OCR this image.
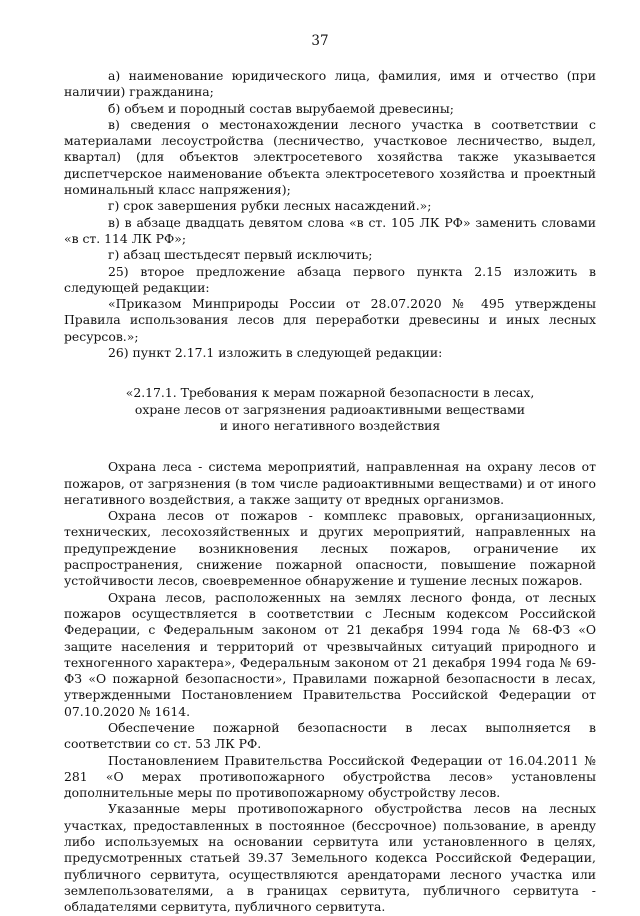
37

а) наименование юридического лица, фамилия, имя и отчество (при наличии) гражданина;

б) объем и породный состав вырубаемой древесины;

в) сведения о местонахождении лесного участка в соответствии с материалами лесоустройства (лесничество, участковое лесничество, выдел, квартал) (для объектов электросетевого хозяйства также указывается диспетчерское наименование объекта электросетевого хозяйства и проектный номинальный класс напряжения);

г) срок завершения рубки лесных насаждений.»;

в) в абзаце двадцать девятом слова «в ст. 105 ЛК РФ» заменить словами «в ст. 114 ЛК РФ»;

г) абзац шестьдесят первый исключить;

25) второе предложение абзаца первого пункта 2.15 изложить в следующей редакции:

«Приказом Минприроды России от 28.07.2020 № 495 утверждены Правила использования лесов для переработки древесины и иных лесных ресурсов.»;

26) пункт 2.17.1 изложить в следующей редакции:

«2.17.1. Требования к мерам пожарной безопасности в лесах,
охране лесов от загрязнения радиоактивными веществами
и иного негативного воздействия

Охрана леса - система мероприятий, направленная на охрану лесов от пожаров, от загрязнения (в том числе радиоактивными веществами) и от иного негативного воздействия, а также защиту от вредных организмов.

Охрана лесов от пожаров - комплекс правовых, организационных, технических, лесохозяйственных и других мероприятий, направленных на предупреждение возникновения лесных пожаров, ограничение их распространения, снижение пожарной опасности, повышение пожарной устойчивости лесов, своевременное обнаружение и тушение лесных пожаров.

Охрана лесов, расположенных на землях лесного фонда, от лесных пожаров осуществляется в соответствии с Лесным кодексом Российской Федерации, с Федеральным законом от 21 декабря 1994 года № 68-ФЗ «О защите населения и территорий от чрезвычайных ситуаций природного и техногенного характера», Федеральным законом от 21 декабря 1994 года № 69-ФЗ «О пожарной безопасности», Правилами пожарной безопасности в лесах, утвержденными Постановлением Правительства Российской Федерации от 07.10.2020 № 1614.

Обеспечение пожарной безопасности в лесах выполняется в соответствии со ст. 53 ЛК РФ.

Постановлением Правительства Российской Федерации от 16.04.2011 № 281 «О мерах противопожарного обустройства лесов» установлены дополнительные меры по противопожарному обустройству лесов.

Указанные меры противопожарного обустройства лесов на лесных участках, предоставленных в постоянное (бессрочное) пользование, в аренду либо используемых на основании сервитута или установленного в целях, предусмотренных статьей 39.37 Земельного кодекса Российской Федерации, публичного сервитута, осуществляются арендаторами лесного участка или землепользователями, а в границах сервитута, публичного сервитута - обладателями сервитута, публичного сервитута.
